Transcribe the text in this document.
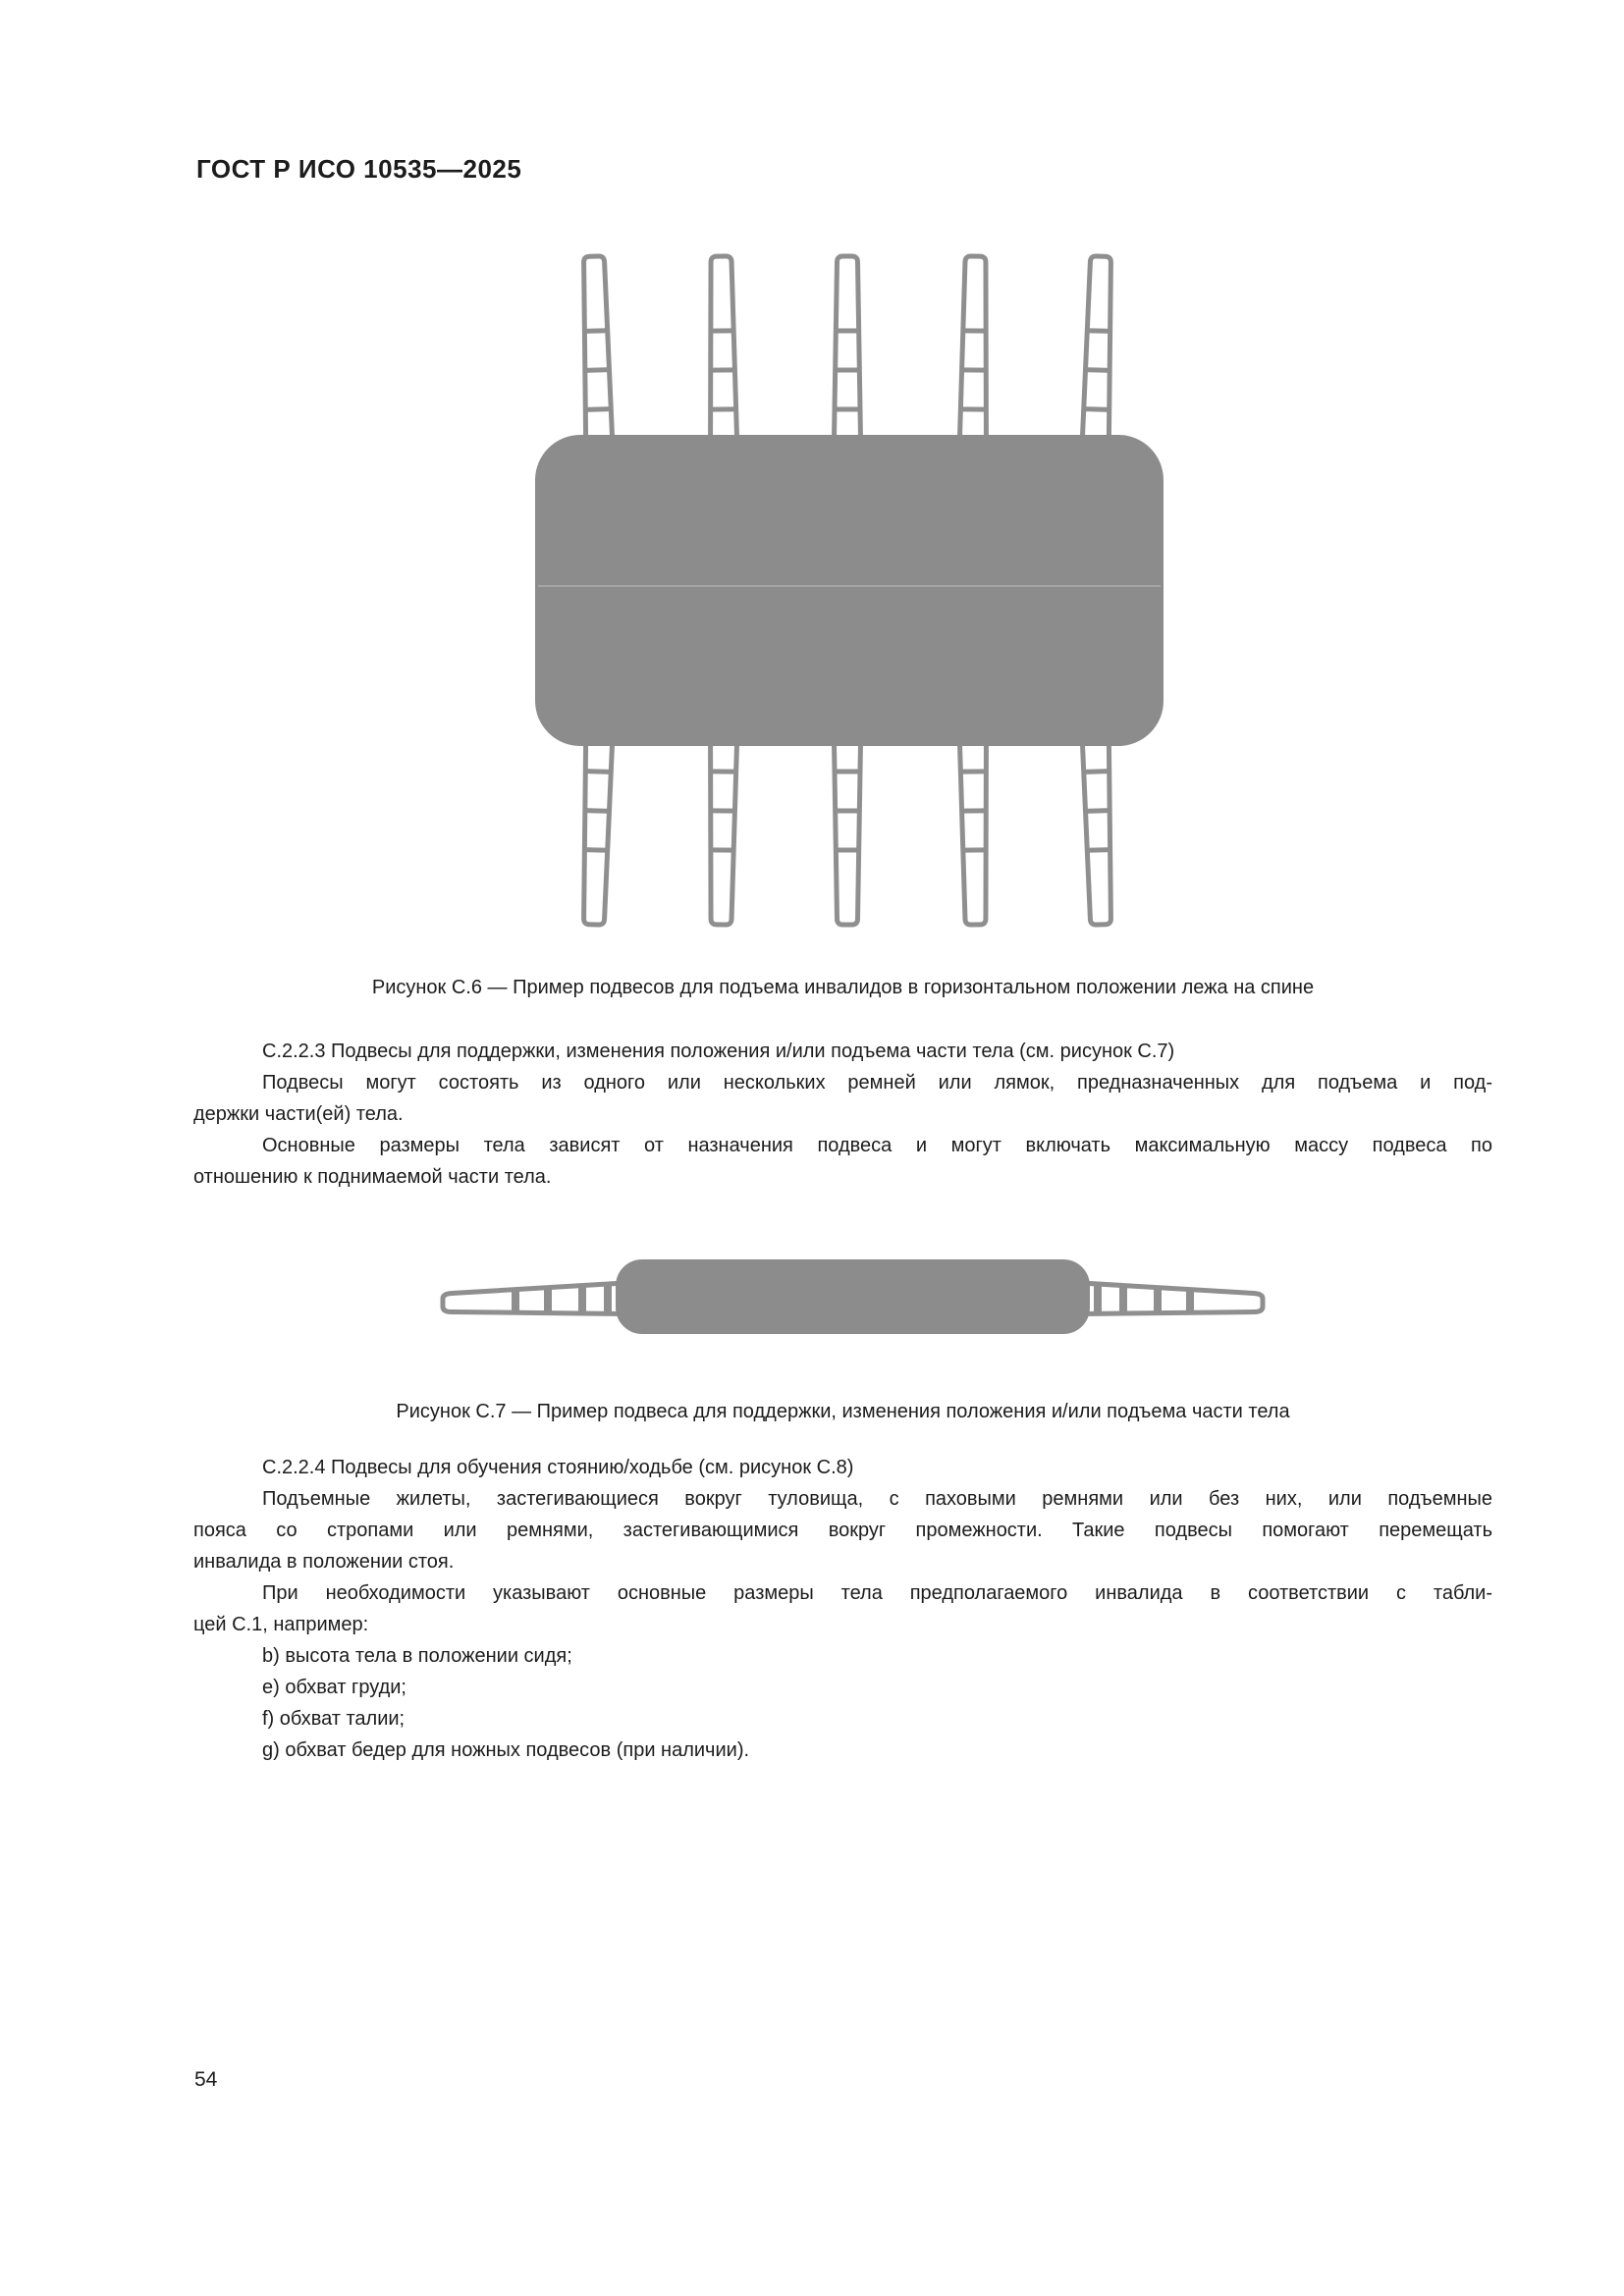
ГОСТ Р ИСО 10535—2025
Рисунок С.6 — Пример подвесов для подъема инвалидов в горизонтальном положении лежа на спине
С.2.2.3 Подвесы для поддержки, изменения положения и/или подъема части тела (см. рисунок С.7)
Подвесы могут состоять из одного или нескольких ремней или лямок, предназначенных для подъема и под-
держки части(ей) тела.
Основные размеры тела зависят от назначения подвеса и могут включать максимальную массу подвеса по
отношению к поднимаемой части тела.
Рисунок С.7 — Пример подвеса для поддержки, изменения положения и/или подъема части тела
С.2.2.4 Подвесы для обучения стоянию/ходьбе (см. рисунок С.8)
Подъемные жилеты, застегивающиеся вокруг туловища, с паховыми ремнями или без них, или подъемные
пояса со стропами или ремнями, застегивающимися вокруг промежности. Такие подвесы помогают перемещать
инвалида в положении стоя.
При необходимости указывают основные размеры тела предполагаемого инвалида в соответствии с табли-
цей С.1, например:
b) высота тела в положении сидя;
e) обхват груди;
f) обхват талии;
g) обхват бедер для ножных подвесов (при наличии).
54
